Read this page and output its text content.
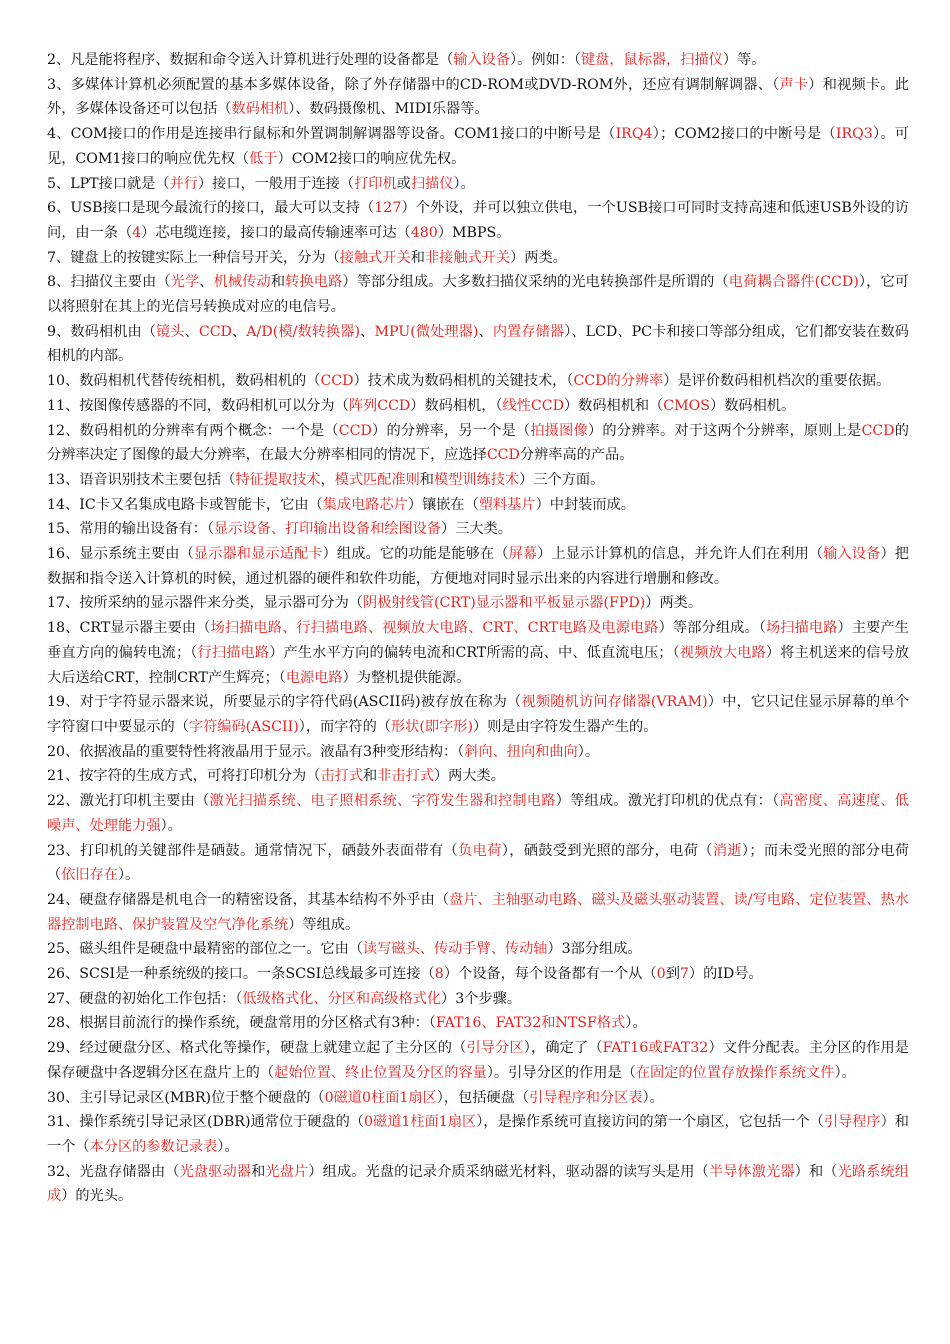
2、凡是能将程序、数据和命令送入计算机进行处理的设备都是（输入设备）。例如：（键盘，鼠标器，扫描仪）等。

3、多媒体计算机必须配置的基本多媒体设备，除了外存储器中的CD-ROM或DVD-ROM外，还应有调制解调器、（声卡）和视频卡。此外，多媒体设备还可以包括（数码相机）、数码摄像机、MIDI乐器等。

4、COM接口的作用是连接串行鼠标和外置调制解调器等设备。COM1接口的中断号是（IRQ4）；COM2接口的中断号是（IRQ3）。可见，COM1接口的响应优先权（低于）COM2接口的响应优先权。

5、LPT接口就是（并行）接口，一般用于连接（打印机或扫描仪）。

6、USB接口是现今最流行的接口，最大可以支持（127）个外设，并可以独立供电，一个USB接口可同时支持高速和低速USB外设的访问，由一条（4）芯电缆连接，接口的最高传输速率可达（480）MBPS。

7、键盘上的按键实际上一种信号开关，分为（接触式开关和非接触式开关）两类。

8、扫描仪主要由（光学、机械传动和转换电路）等部分组成。大多数扫描仪采纳的光电转换部件是所谓的（电荷耦合器件(CCD)），它可以将照射在其上的光信号转换成对应的电信号。

9、数码相机由（镜头、CCD、A/D(模/数转换器)、MPU(微处理器)、内置存储器）、LCD、PC卡和接口等部分组成，它们都安装在数码相机的内部。

10、数码相机代替传统相机，数码相机的（CCD）技术成为数码相机的关键技术，（CCD的分辨率）是评价数码相机档次的重要依据。

11、按图像传感器的不同，数码相机可以分为（阵列CCD）数码相机，（线性CCD）数码相机和（CMOS）数码相机。

12、数码相机的分辨率有两个概念：一个是（CCD）的分辨率，另一个是（拍摄图像）的分辨率。对于这两个分辨率，原则上是CCD的分辨率决定了图像的最大分辨率，在最大分辨率相同的情况下，应选择CCD分辨率高的产品。

13、语音识别技术主要包括（特征提取技术，模式匹配准则和模型训练技术）三个方面。

14、IC卡又名集成电路卡或智能卡，它由（集成电路芯片）镶嵌在（塑料基片）中封装而成。

15、常用的输出设备有：（显示设备、打印输出设备和绘图设备）三大类。

16、显示系统主要由（显示器和显示适配卡）组成。它的功能是能够在（屏幕）上显示计算机的信息，并允许人们在利用（输入设备）把数据和指令送入计算机的时候，通过机器的硬件和软件功能，方便地对同时显示出来的内容进行增删和修改。

17、按所采纳的显示器件来分类，显示器可分为（阴极射线管(CRT)显示器和平板显示器(FPD)）两类。

18、CRT显示器主要由（场扫描电路、行扫描电路、视频放大电路、CRT、CRT电路及电源电路）等部分组成。（场扫描电路）主要产生垂直方向的偏转电流；（行扫描电路）产生水平方向的偏转电流和CRT所需的高、中、低直流电压；（视频放大电路）将主机送来的信号放大后送给CRT，控制CRT产生辉亮；（电源电路）为整机提供能源。

19、对于字符显示器来说，所要显示的字符代码(ASCII码)被存放在称为（视频随机访问存储器(VRAM)）中，它只记住显示屏幕的单个字符窗口中要显示的（字符编码(ASCII)），而字符的（形状(即字形)）则是由字符发生器产生的。

20、依据液晶的重要特性将液晶用于显示。液晶有3种变形结构：（斜向、扭向和曲向）。

21、按字符的生成方式，可将打印机分为（击打式和非击打式）两大类。

22、激光打印机主要由（激光扫描系统、电子照相系统、字符发生器和控制电路）等组成。激光打印机的优点有：（高密度、高速度、低噪声、处理能力强）。

23、打印机的关键部件是硒鼓。通常情况下，硒鼓外表面带有（负电荷），硒鼓受到光照的部分，电荷（消逝）；而未受光照的部分电荷（依旧存在）。

24、硬盘存储器是机电合一的精密设备，其基本结构不外乎由（盘片、主轴驱动电路、磁头及磁头驱动装置、读/写电路、定位装置、热水器控制电路、保护装置及空气净化系统）等组成。

25、磁头组件是硬盘中最精密的部位之一。它由（读写磁头、传动手臂、传动轴）3部分组成。

26、SCSI是一种系统级的接口。一条SCSI总线最多可连接（8）个设备，每个设备都有一个从（0到7）的ID号。

27、硬盘的初始化工作包括：（低级格式化、分区和高级格式化）3个步骤。

28、根据目前流行的操作系统，硬盘常用的分区格式有3种：（FAT16、FAT32和NTSF格式）。

29、经过硬盘分区、格式化等操作，硬盘上就建立起了主分区的（引导分区），确定了（FAT16或FAT32）文件分配表。主分区的作用是保存硬盘中各逻辑分区在盘片上的（起始位置、终止位置及分区的容量）。引导分区的作用是（在固定的位置存放操作系统文件）。

30、主引导记录区(MBR)位于整个硬盘的（0磁道0柱面1扇区），包括硬盘（引导程序和分区表）。

31、操作系统引导记录区(DBR)通常位于硬盘的（0磁道1柱面1扇区），是操作系统可直接访问的第一个扇区，它包括一个（引导程序）和一个（本分区的参数记录表）。

32、光盘存储器由（光盘驱动器和光盘片）组成。光盘的记录介质采纳磁光材料，驱动器的读写头是用（半导体激光器）和（光路系统组成）的光头。
